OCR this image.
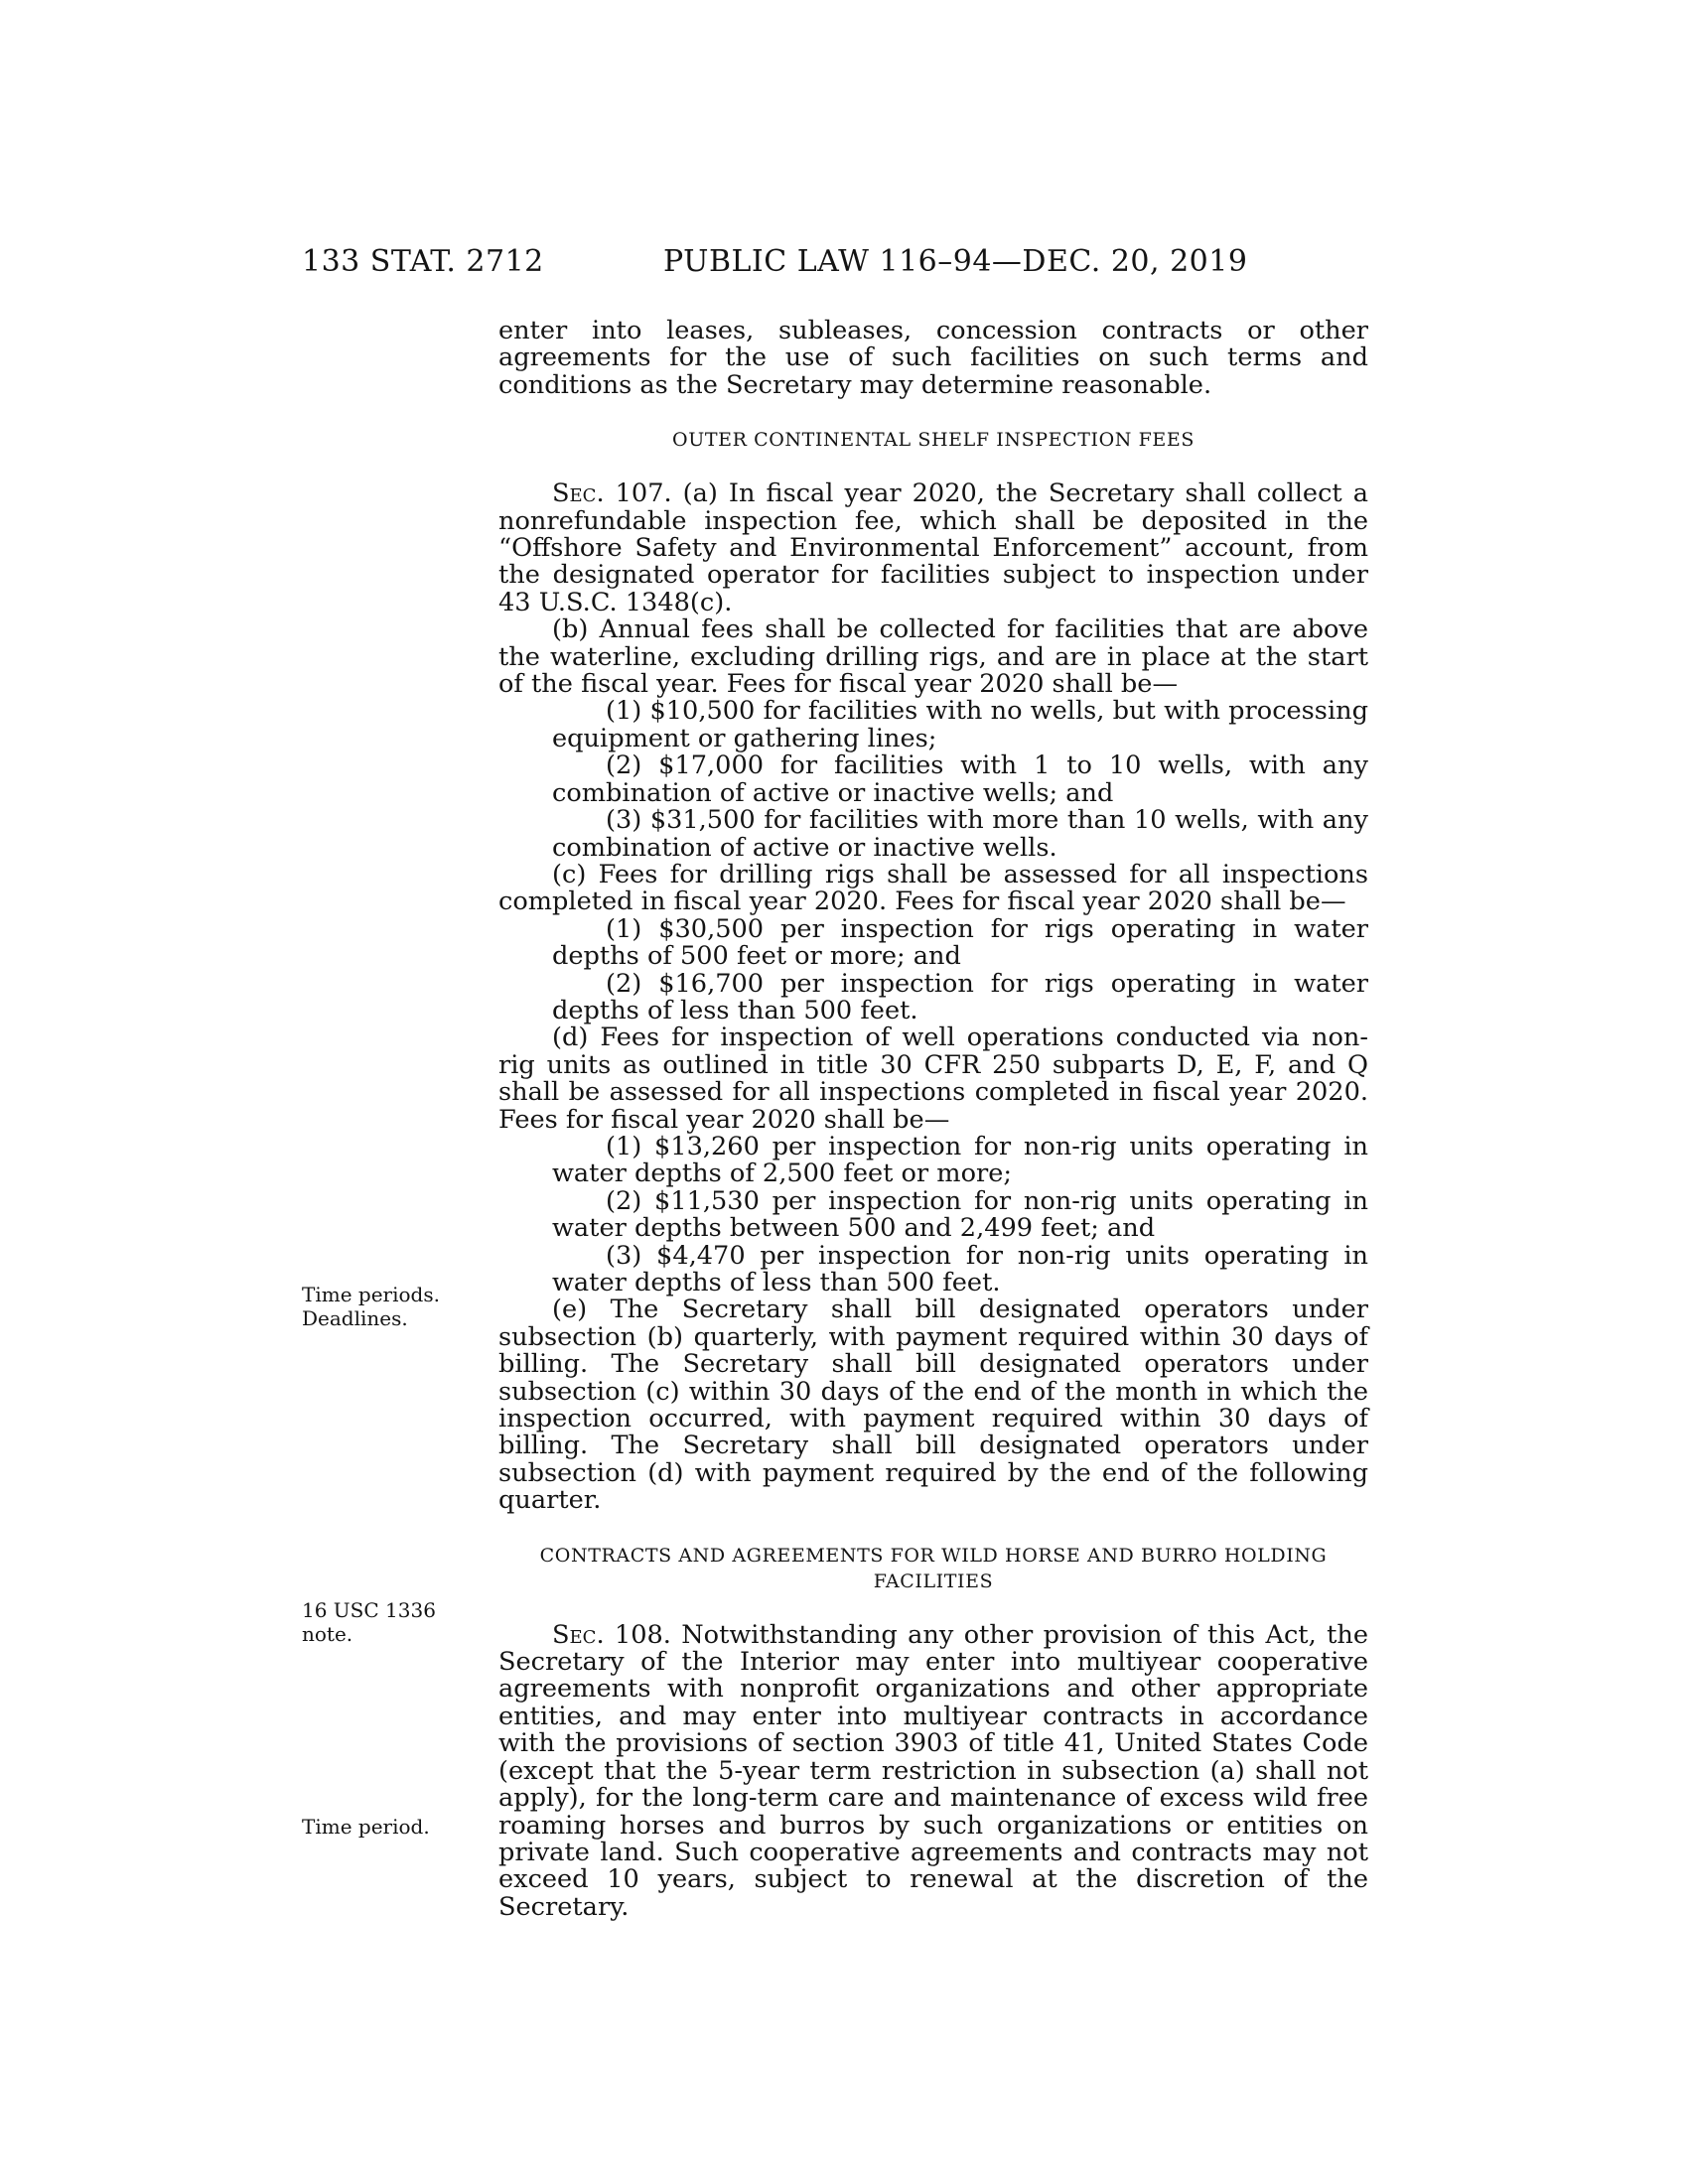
133 STAT. 2712	PUBLIC LAW 116–94—DEC. 20, 2019
Time periods.
Deadlines.
16 USC 1336
note.
Time period.

enter into leases, subleases, concession contracts or other agreements for the use of such facilities on such terms and conditions as the Secretary may determine reasonable.

OUTER CONTINENTAL SHELF INSPECTION FEES

Sec. 107. (a) In fiscal year 2020, the Secretary shall collect a nonrefundable inspection fee, which shall be deposited in the “Offshore Safety and Environmental Enforcement” account, from the designated operator for facilities subject to inspection under 43 U.S.C. 1348(c).

(b) Annual fees shall be collected for facilities that are above the waterline, excluding drilling rigs, and are in place at the start of the fiscal year. Fees for fiscal year 2020 shall be—

(1) $10,500 for facilities with no wells, but with processing equipment or gathering lines;

(2) $17,000 for facilities with 1 to 10 wells, with any combination of active or inactive wells; and

(3) $31,500 for facilities with more than 10 wells, with any combination of active or inactive wells.

(c) Fees for drilling rigs shall be assessed for all inspections completed in fiscal year 2020. Fees for fiscal year 2020 shall be—

(1) $30,500 per inspection for rigs operating in water depths of 500 feet or more; and

(2) $16,700 per inspection for rigs operating in water depths of less than 500 feet.

(d) Fees for inspection of well operations conducted via non-rig units as outlined in title 30 CFR 250 subparts D, E, F, and Q shall be assessed for all inspections completed in fiscal year 2020. Fees for fiscal year 2020 shall be—

(1) $13,260 per inspection for non-rig units operating in water depths of 2,500 feet or more;

(2) $11,530 per inspection for non-rig units operating in water depths between 500 and 2,499 feet; and

(3) $4,470 per inspection for non-rig units operating in water depths of less than 500 feet.

(e) The Secretary shall bill designated operators under subsection (b) quarterly, with payment required within 30 days of billing. The Secretary shall bill designated operators under subsection (c) within 30 days of the end of the month in which the inspection occurred, with payment required within 30 days of billing. The Secretary shall bill designated operators under subsection (d) with payment required by the end of the following quarter.

CONTRACTS AND AGREEMENTS FOR WILD HORSE AND BURRO HOLDING FACILITIES

Sec. 108. Notwithstanding any other provision of this Act, the Secretary of the Interior may enter into multiyear cooperative agreements with nonprofit organizations and other appropriate entities, and may enter into multiyear contracts in accordance with the provisions of section 3903 of title 41, United States Code (except that the 5-year term restriction in subsection (a) shall not apply), for the long-term care and maintenance of excess wild free roaming horses and burros by such organizations or entities on private land. Such cooperative agreements and contracts may not exceed 10 years, subject to renewal at the discretion of the Secretary.
